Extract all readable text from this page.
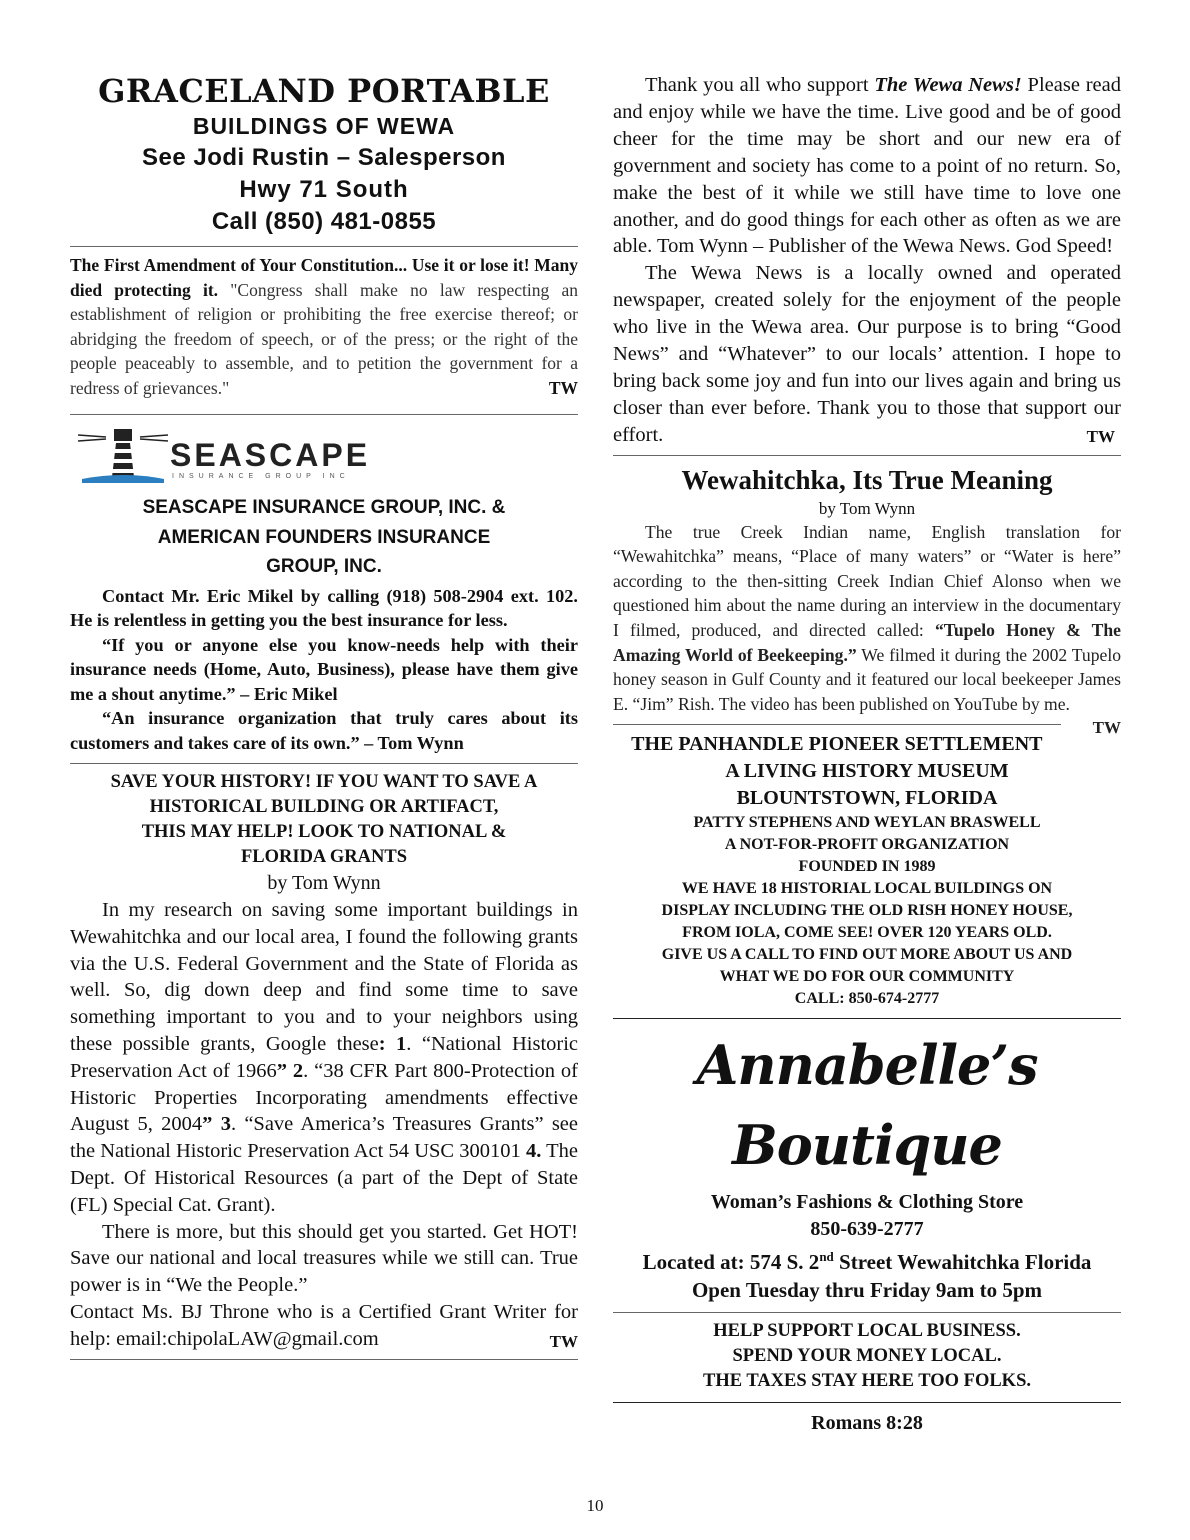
GRACELAND PORTABLE
BUILDINGS OF WEWA
See Jodi Rustin – Salesperson
Hwy 71 South
Call (850) 481-0855
The First Amendment of Your Constitution... Use it or lose it! Many died protecting it. "Congress shall make no law respecting an establishment of religion or prohibiting the free exercise thereof; or abridging the freedom of speech, or of the press; or the right of the people peaceably to assemble, and to petition the government for a redress of grievances."	TW
SEASCAPE
INSURANCE GROUP INC
SEASCAPE INSURANCE GROUP, INC. &
AMERICAN FOUNDERS INSURANCE
GROUP, INC.

Contact Mr. Eric Mikel by calling (918) 508-2904 ext. 102. He is relentless in getting you the best insurance for less.

“If you or anyone else you know-needs help with their insurance needs (Home, Auto, Business), please have them give me a shout anytime.” – Eric Mikel

“An insurance organization that truly cares about its customers and takes care of its own.” – Tom Wynn

SAVE YOUR HISTORY! IF YOU WANT TO SAVE A
HISTORICAL BUILDING OR ARTIFACT,
THIS MAY HELP! LOOK TO NATIONAL &
FLORIDA GRANTS
by Tom Wynn

In my research on saving some important buildings in Wewahitchka and our local area, I found the following grants via the U.S. Federal Government and the State of Florida as well. So, dig down deep and find some time to save something important to you and to your neighbors using these possible grants, Google these: 1. “National Historic Preservation Act of 1966” 2. “38 CFR Part 800-Protection of Historic Properties Incorporating amendments effective August 5, 2004” 3. “Save America’s Treasures Grants” see the National Historic Preservation Act 54 USC 300101 4. The Dept. Of Historical Resources (a part of the Dept of State (FL) Special Cat. Grant).

There is more, but this should get you started. Get HOT! Save our national and local treasures while we still can. True power is in “We the People.”

Contact Ms. BJ Throne who is a Certified Grant Writer for help: email:chipolaLAW@gmail.com	TW

Thank you all who support The Wewa News! Please read and enjoy while we have the time. Live good and be of good cheer for the time may be short and our new era of government and society has come to a point of no return. So, make the best of it while we still have time to love one another, and do good things for each other as often as we are able. Tom Wynn – Publisher of the Wewa News. God Speed!

The Wewa News is a locally owned and operated newspaper, created solely for the enjoyment of the people who live in the Wewa area. Our purpose is to bring “Good News” and “Whatever” to our locals’ attention. I hope to bring back some joy and fun into our lives again and bring us closer than ever before. Thank you to those that support our effort.	TW

Wewahitchka, Its True Meaning
by Tom Wynn

The true Creek Indian name, English translation for “Wewahitchka” means, “Place of many waters” or “Water is here” according to the then-sitting Creek Indian Chief Alonso when we questioned him about the name during an interview in the documentary I filmed, produced, and directed called: “Tupelo Honey & The Amazing World of Beekeeping.” We filmed it during the 2002 Tupelo honey season in Gulf County and it featured our local beekeeper James E. “Jim” Rish. The video has been published on YouTube by me.
TW

THE PANHANDLE PIONEER SETTLEMENT
A LIVING HISTORY MUSEUM
BLOUNTSTOWN, FLORIDA
PATTY STEPHENS AND WEYLAN BRASWELL
A NOT-FOR-PROFIT ORGANIZATION
FOUNDED IN 1989
WE HAVE 18 HISTORIAL LOCAL BUILDINGS ON
DISPLAY INCLUDING THE OLD RISH HONEY HOUSE,
FROM IOLA, COME SEE! OVER 120 YEARS OLD.
GIVE US A CALL TO FIND OUT MORE ABOUT US AND
WHAT WE DO FOR OUR COMMUNITY
CALL: 850-674-2777
Annabelle’s Boutique
Woman’s Fashions & Clothing Store
850-639-2777
Located at: 574 S. 2nd Street Wewahitchka Florida
Open Tuesday thru Friday 9am to 5pm
HELP SUPPORT LOCAL BUSINESS.
SPEND YOUR MONEY LOCAL.
THE TAXES STAY HERE TOO FOLKS.
Romans 8:28
10
